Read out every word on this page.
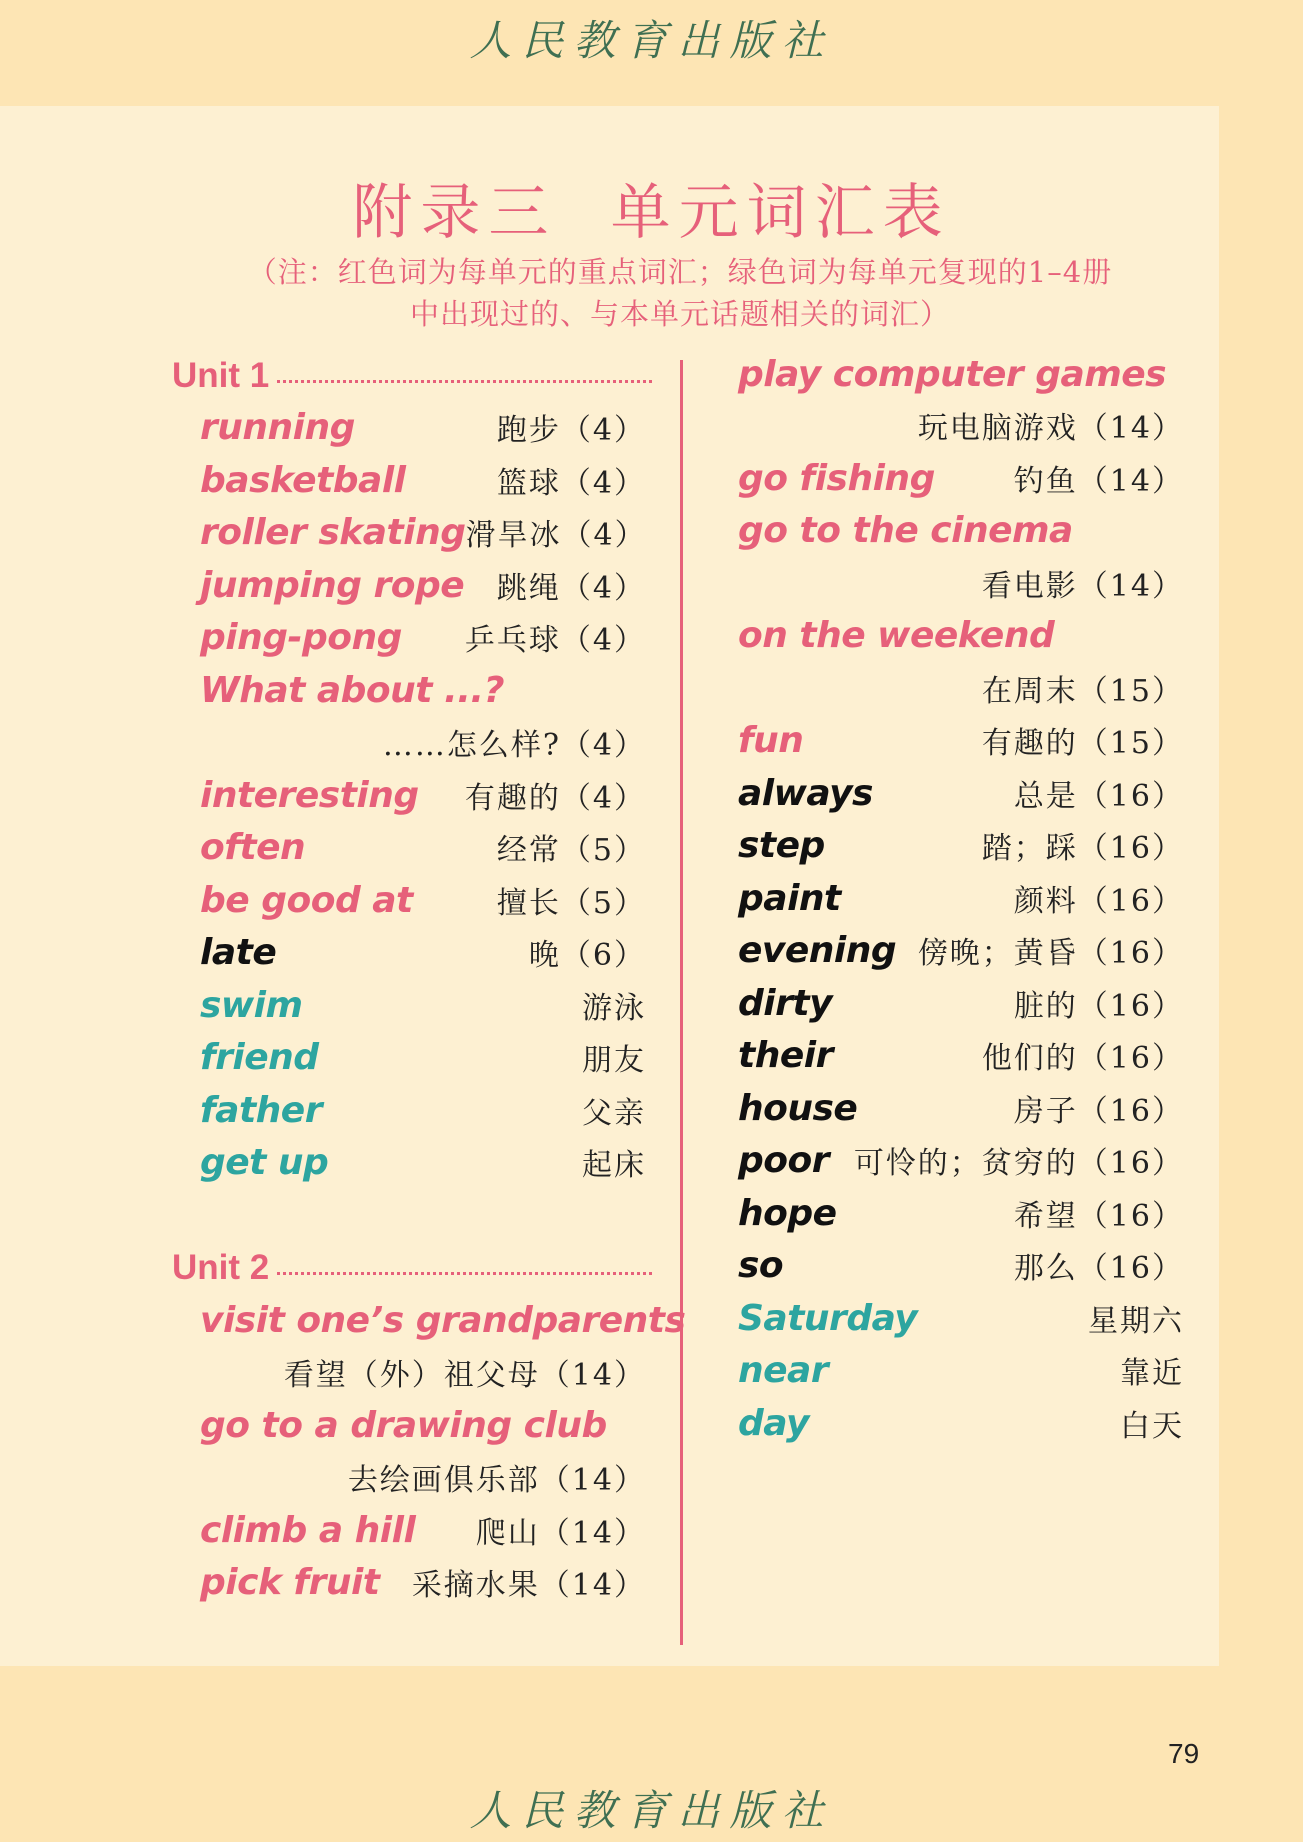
人民教育出版社
附录三  单元词汇表
（注：红色词为每单元的重点词汇；绿色词为每单元复现的1–4册
中出现过的、与本单元话题相关的词汇）
Unit 1
running	跑步（4）
basketball	篮球（4）
roller skating 滑旱冰（4）
jumping rope 跳绳（4）
ping-pong 乒乓球（4）
What about ...?
……怎么样?（4）
interesting 有趣的（4）
often	经常（5）
be good at	擅长（5）
late	晚（6）
swim	游泳
friend	朋友
father	父亲
get up	起床
Unit 2
visit one’s grandparents
看望（外）祖父母（14）
go to a drawing club
去绘画俱乐部（14）
climb a hill 爬山（14）
pick fruit 采摘水果（14）
play computer games
玩电脑游戏（14）
go fishing	钓鱼（14）
go to the cinema
看电影（14）
on the weekend
在周末（15）
fun	有趣的（15）
always	总是（16）
step	踏；踩（16）
paint	颜料（16）
evening 傍晚；黄昏（16）
dirty	脏的（16）
their	他们的（16）
house	房子（16）
poor 可怜的；贫穷的（16）
hope	希望（16）
so	那么（16）
Saturday	星期六
near	靠近
day	白天
79
人民教育出版社
